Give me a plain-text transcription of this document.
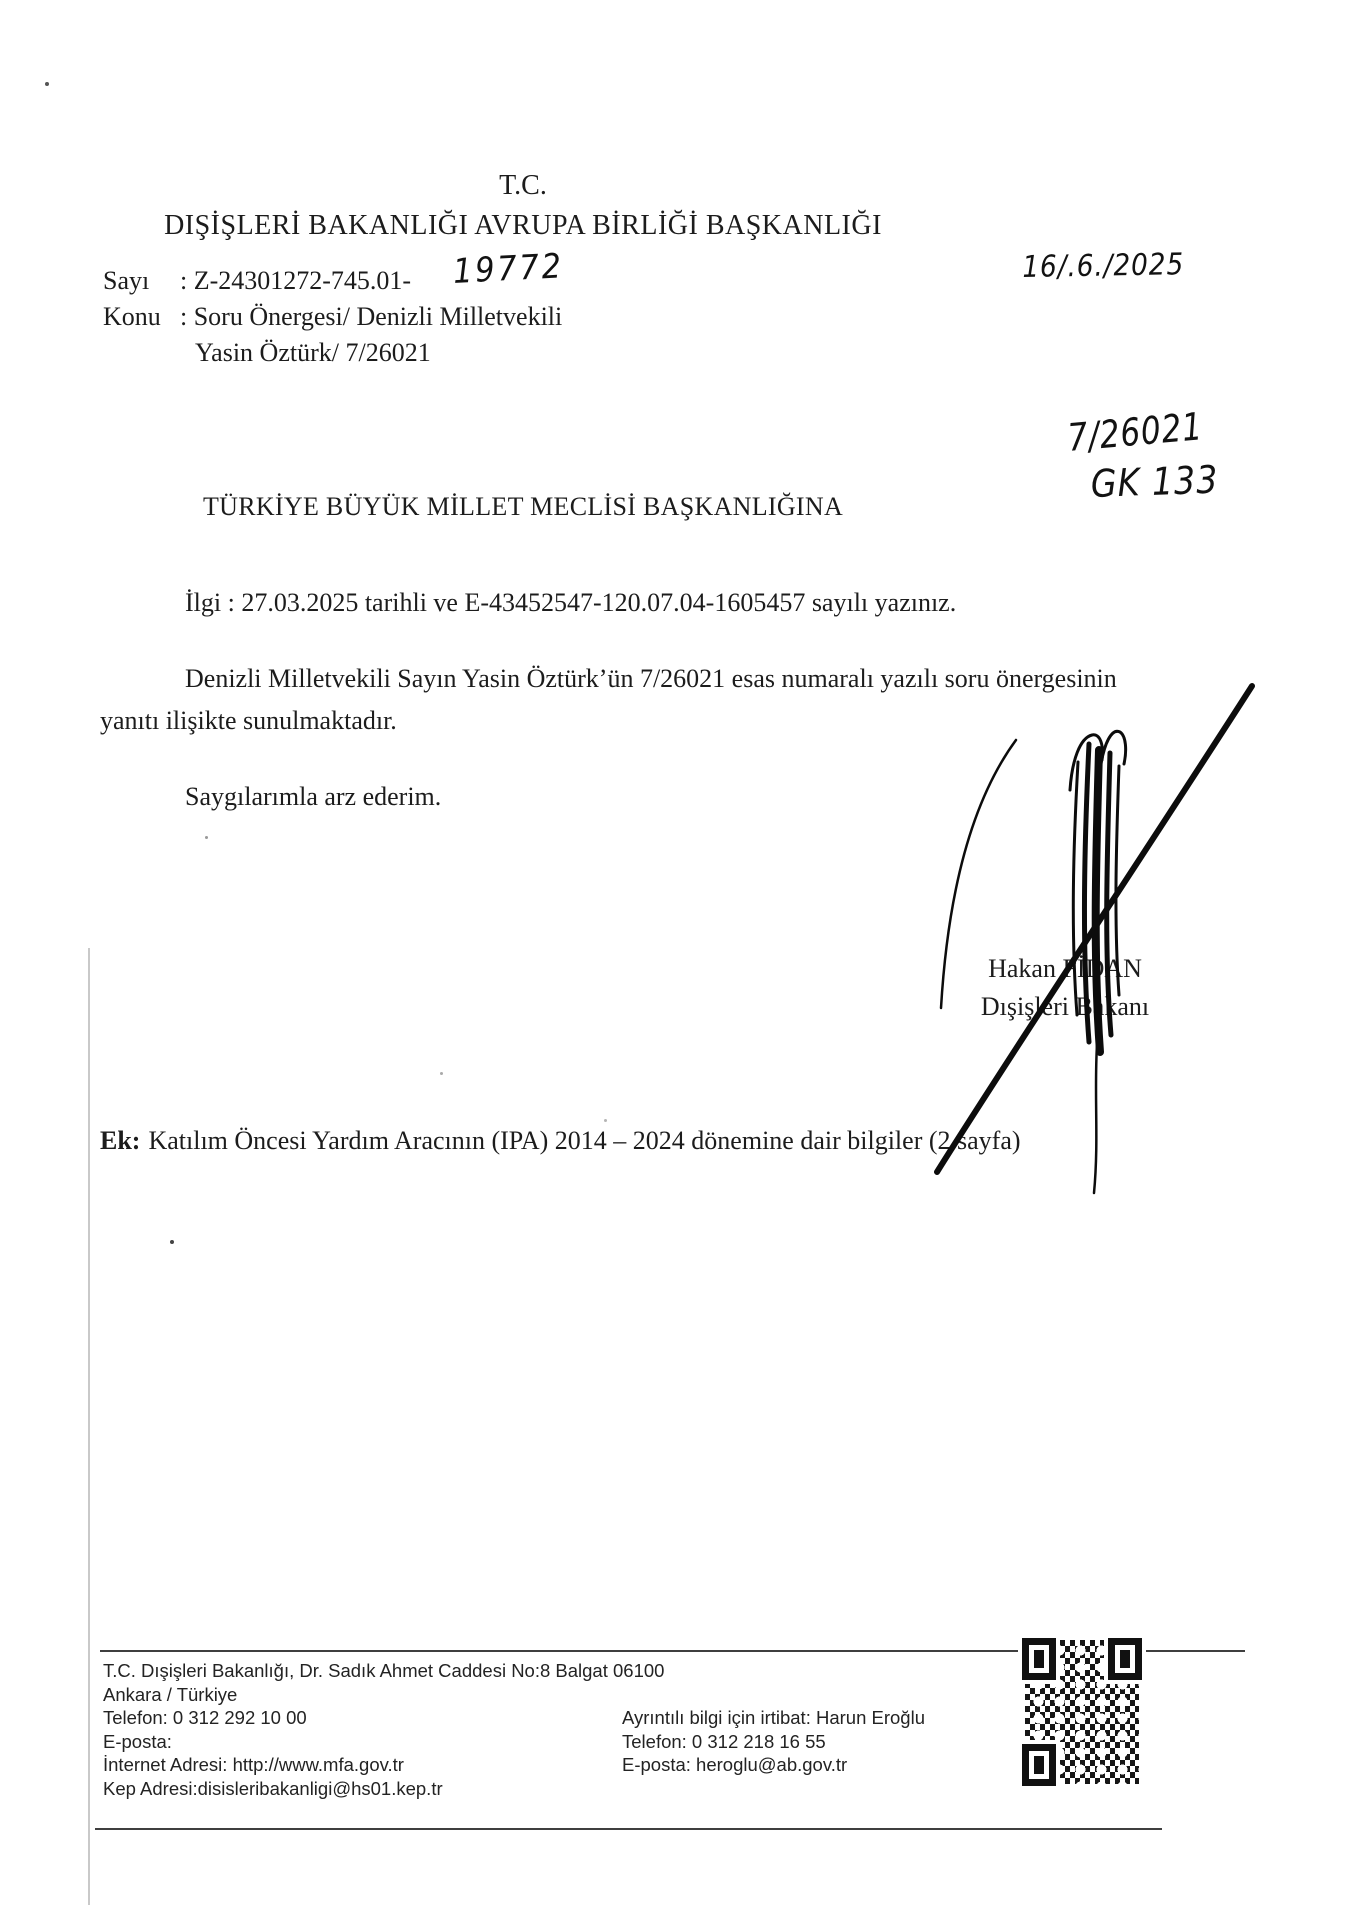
T.C.
DIŞİŞLERİ BAKANLIĞI AVRUPA BİRLİĞİ BAŞKANLIĞI
Sayı : Z-24301272-745.01- 19772
Konu : Soru Önergesi/ Denizli Milletvekili
Yasin Öztürk/ 7/26021
16/.6./2025
7/26021
GK 133
TÜRKİYE BÜYÜK MİLLET MECLİSİ BAŞKANLIĞINA
İlgi : 27.03.2025 tarihli ve E-43452547-120.07.04-1605457 sayılı yazınız.
Denizli Milletvekili Sayın Yasin Öztürk’ün 7/26021 esas numaralı yazılı soru önergesinin
yanıtı ilişikte sunulmaktadır.
Saygılarımla arz ederim.
Hakan FİDAN
Dışişleri Bakanı
Ek: Katılım Öncesi Yardım Aracının (IPA) 2014 – 2024 dönemine dair bilgiler (2 sayfa)
T.C. Dışişleri Bakanlığı, Dr. Sadık Ahmet Caddesi No:8 Balgat 06100
Ankara / Türkiye
Telefon: 0 312 292 10 00
E-posta:
İnternet Adresi: http://www.mfa.gov.tr
Kep Adresi:disisleribakanligi@hs01.kep.tr
Ayrıntılı bilgi için irtibat: Harun Eroğlu
Telefon: 0 312 218 16 55
E-posta: heroglu@ab.gov.tr
